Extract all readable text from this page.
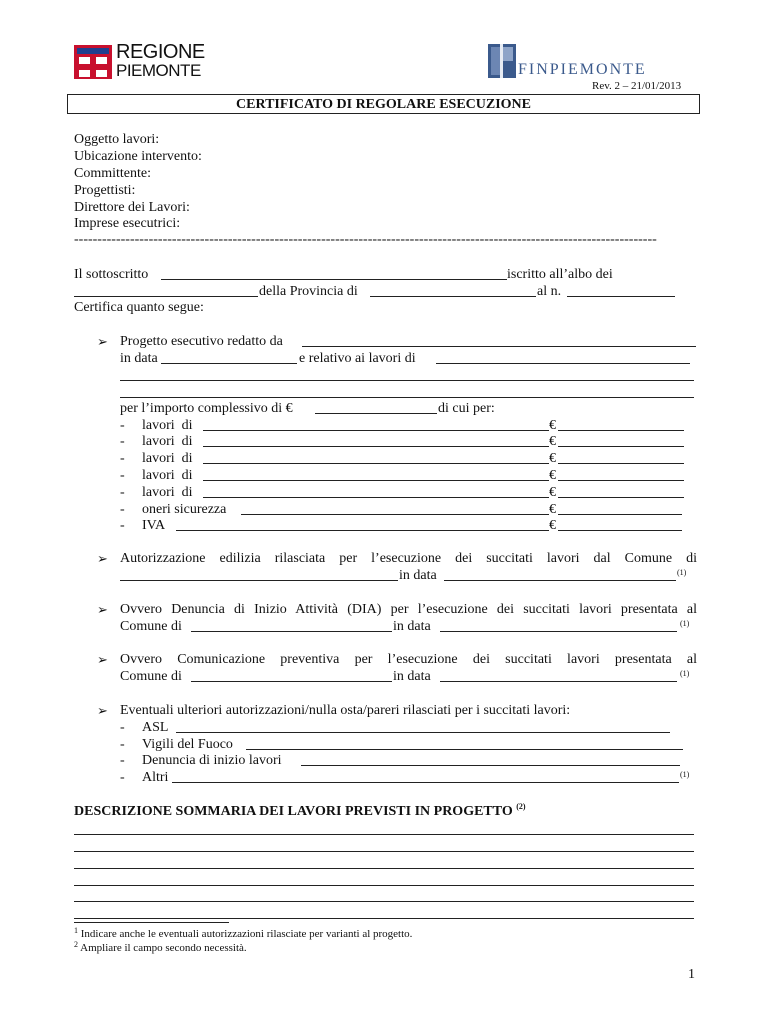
REGIONE
PIEMONTE	FINPIEMONTE
Rev. 2 – 21/01/2013
CERTIFICATO DI REGOLARE ESECUZIONE
Oggetto lavori:
Ubicazione intervento:
Committente:
Progettisti:
Direttore dei Lavori:
Imprese esecutrici:
-----------------------------------------------------------------------------------------------------------------------------
Il sottoscritto	iscritto all’albo dei
della Provincia di	al n.
Certifica quanto segue:
➢ Progetto esecutivo redatto da
in data	e relativo ai lavori di
per l’importo complessivo di €	di cui per:
- lavori  di	€
- lavori  di	€
- lavori  di	€
- lavori  di	€
- lavori  di	€
- oneri sicurezza	€
- IVA	€
➢ Autorizzazione edilizia rilasciata per l’esecuzione dei succitati lavori dal Comune di
in data	(1)
➢ Ovvero Denuncia di Inizio Attività (DIA) per l’esecuzione dei succitati lavori presentata al
Comune di	in data	(1)
➢ Ovvero Comunicazione preventiva per l’esecuzione dei succitati lavori presentata al
Comune di	in data	(1)
➢ Eventuali ulteriori autorizzazioni/nulla osta/pareri rilasciati per i succitati lavori:
- ASL
- Vigili del Fuoco
- Denuncia di inizio lavori
- Altri	(1)
DESCRIZIONE SOMMARIA DEI LAVORI PREVISTI IN PROGETTO $^{(2)}$
$^1$ Indicare anche le eventuali autorizzazioni rilasciate per varianti al progetto.
$^2$ Ampliare il campo secondo necessità.
1
